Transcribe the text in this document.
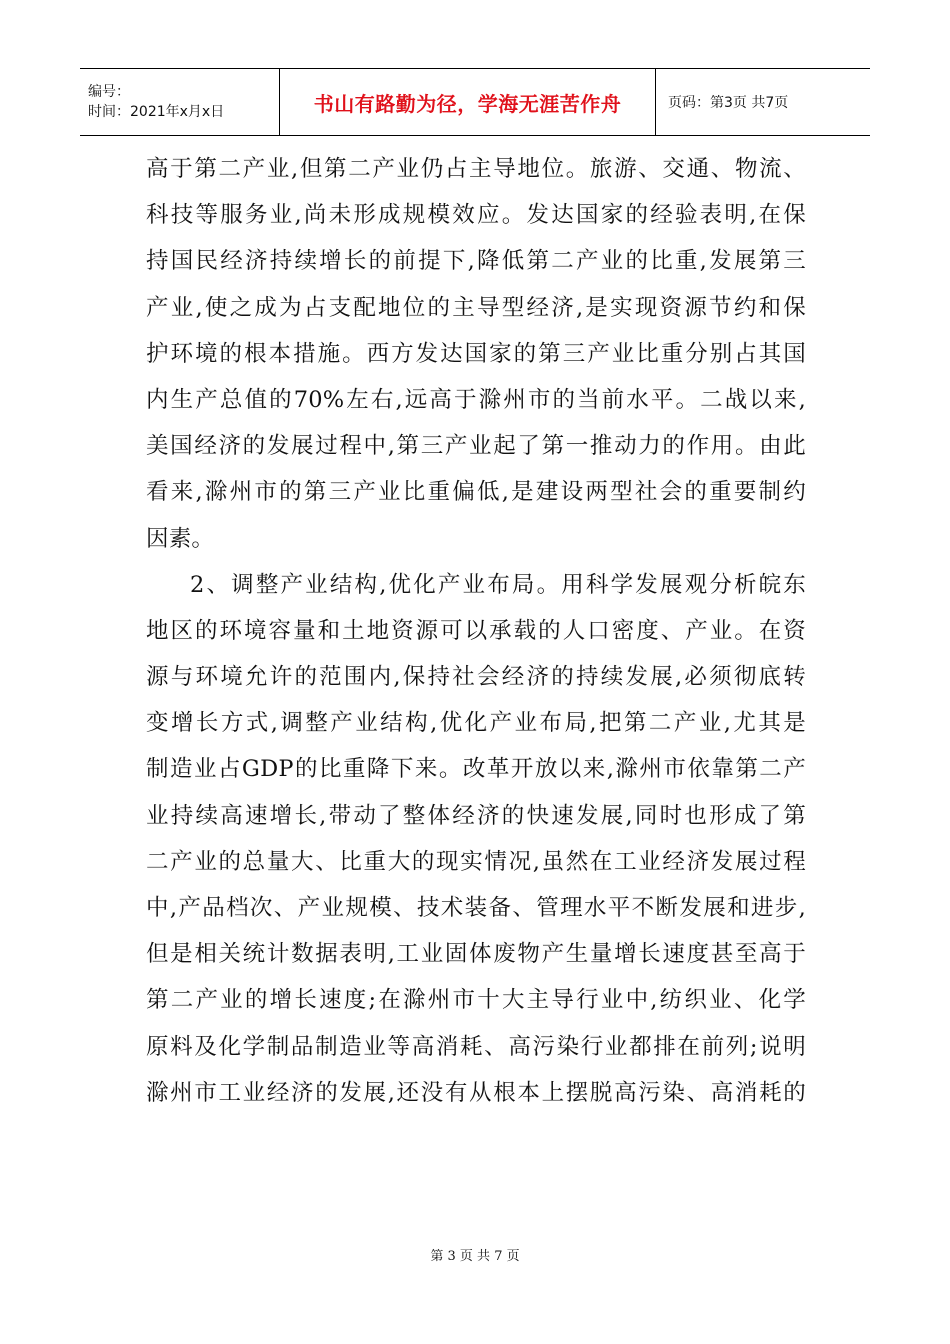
编号：
时间：2021年x月x日	书山有路勤为径，学海无涯苦作舟	页码：第3页 共7页
高于第二产业,但第二产业仍占主导地位。旅游、交通、物流、
科技等服务业,尚未形成规模效应。发达国家的经验表明,在保
持国民经济持续增长的前提下,降低第二产业的比重,发展第三
产业,使之成为占支配地位的主导型经济,是实现资源节约和保
护环境的根本措施。西方发达国家的第三产业比重分别占其国
内生产总值的70%左右,远高于滁州市的当前水平。二战以来,
美国经济的发展过程中,第三产业起了第一推动力的作用。由此
看来,滁州市的第三产业比重偏低,是建设两型社会的重要制约
因素。
2、调整产业结构,优化产业布局。用科学发展观分析皖东
地区的环境容量和土地资源可以承载的人口密度、产业。在资
源与环境允许的范围内,保持社会经济的持续发展,必须彻底转
变增长方式,调整产业结构,优化产业布局,把第二产业,尤其是
制造业占GDP的比重降下来。改革开放以来,滁州市依靠第二产
业持续高速增长,带动了整体经济的快速发展,同时也形成了第
二产业的总量大、比重大的现实情况,虽然在工业经济发展过程
中,产品档次、产业规模、技术装备、管理水平不断发展和进步,
但是相关统计数据表明,工业固体废物产生量增长速度甚至高于
第二产业的增长速度;在滁州市十大主导行业中,纺织业、化学
原料及化学制品制造业等高消耗、高污染行业都排在前列;说明
滁州市工业经济的发展,还没有从根本上摆脱高污染、高消耗的
第 3 页 共 7 页
